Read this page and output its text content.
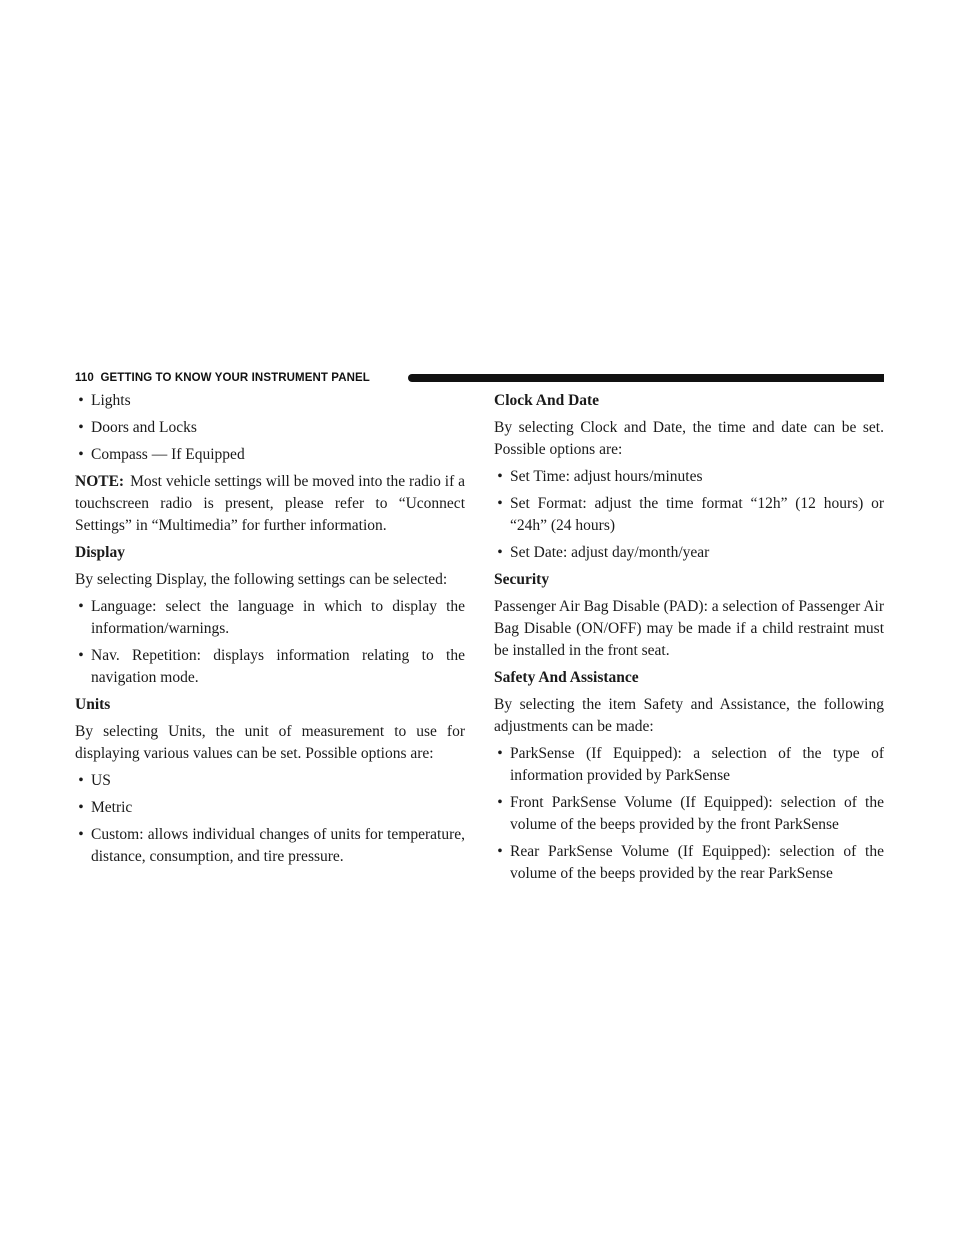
110 GETTING TO KNOW YOUR INSTRUMENT PANEL
• Lights
• Doors and Locks
• Compass — If Equipped

NOTE: Most vehicle settings will be moved into the radio if a touchscreen radio is present, please refer to “Uconnect Settings” in “Multimedia” for further information.

Display

By selecting Display, the following settings can be selected:

• Language: select the language in which to display the information/warnings.
• Nav. Repetition: displays information relating to the navigation mode.
Units

By selecting Units, the unit of measurement to use for displaying various values can be set. Possible options are:

• US
• Metric
• Custom: allows individual changes of units for temperature, distance, consumption, and tire pressure.
Clock And Date

By selecting Clock and Date, the time and date can be set. Possible options are:

• Set Time: adjust hours/minutes
• Set Format: adjust the time format “12h” (12 hours) or “24h” (24 hours)
• Set Date: adjust day/month/year
Security

Passenger Air Bag Disable (PAD): a selection of Passenger Air Bag Disable (ON/OFF) may be made if a child restraint must be installed in the front seat.

Safety And Assistance

By selecting the item Safety and Assistance, the following adjustments can be made:

• ParkSense (If Equipped): a selection of the type of information provided by ParkSense
• Front ParkSense Volume (If Equipped): selection of the volume of the beeps provided by the front ParkSense
• Rear ParkSense Volume (If Equipped): selection of the volume of the beeps provided by the rear ParkSense
